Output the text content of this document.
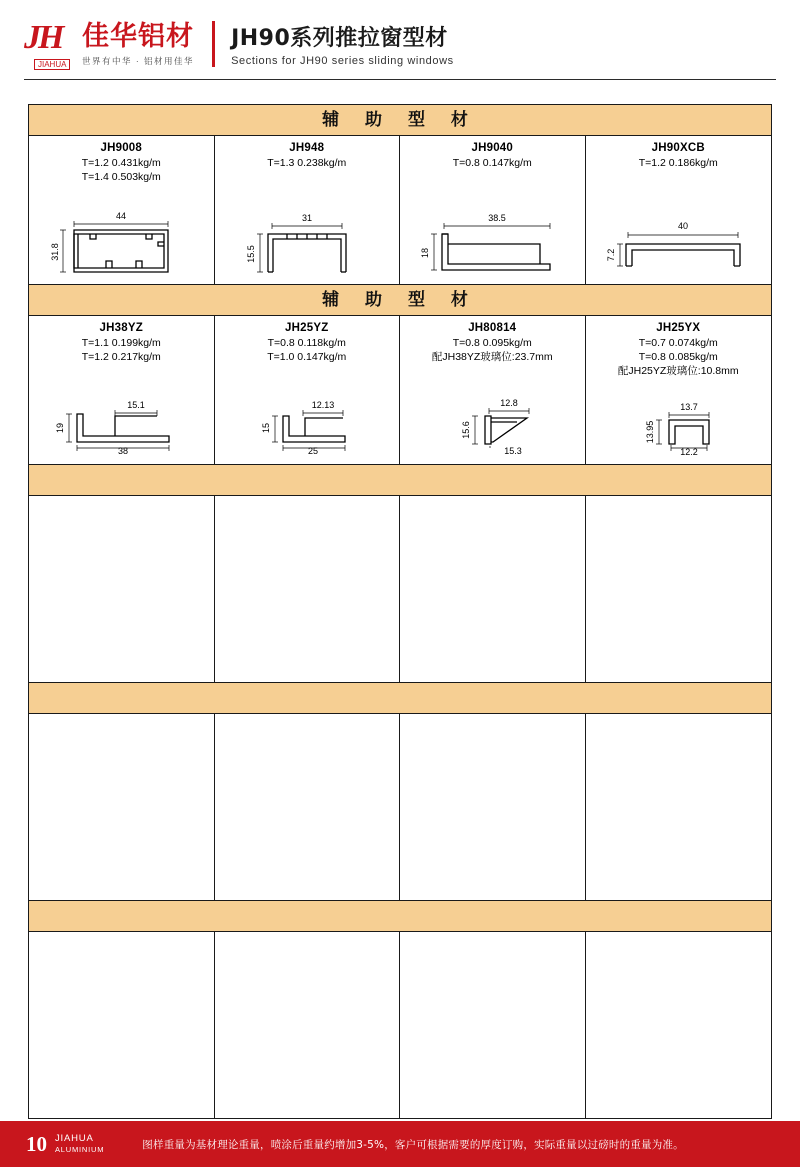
JH
JIAHUA
佳华铝材
世界有中华 · 铝材用佳华
JH90系列推拉窗型材
Sections for JH90 series sliding windows
辅 助 型 材
JH9008
T=1.2 0.431kg/m
T=1.4 0.503kg/m
44
31.8
JH948
T=1.3 0.238kg/m
31
15.5
JH9040
T=0.8 0.147kg/m
38.5
18
JH90XCB
T=1.2 0.186kg/m
40
7.2
辅 助 型 材
JH38YZ
T=1.1 0.199kg/m
T=1.2 0.217kg/m
15.1
19
38
JH25YZ
T=0.8 0.118kg/m
T=1.0 0.147kg/m
12.13
15
25
JH80814
T=0.8 0.095kg/m
配JH38YZ玻璃位:23.7mm
12.8
15.6
15.3
JH25YX
T=0.7 0.074kg/m
T=0.8 0.085kg/m
配JH25YZ玻璃位:10.8mm
13.7
13.95
12.2
10 JIAHUA
ALUMINIUM	图样重量为基材理论重量，喷涂后重量约增加3-5%，客户可根据需要的厚度订购，实际重量以过磅时的重量为准。
